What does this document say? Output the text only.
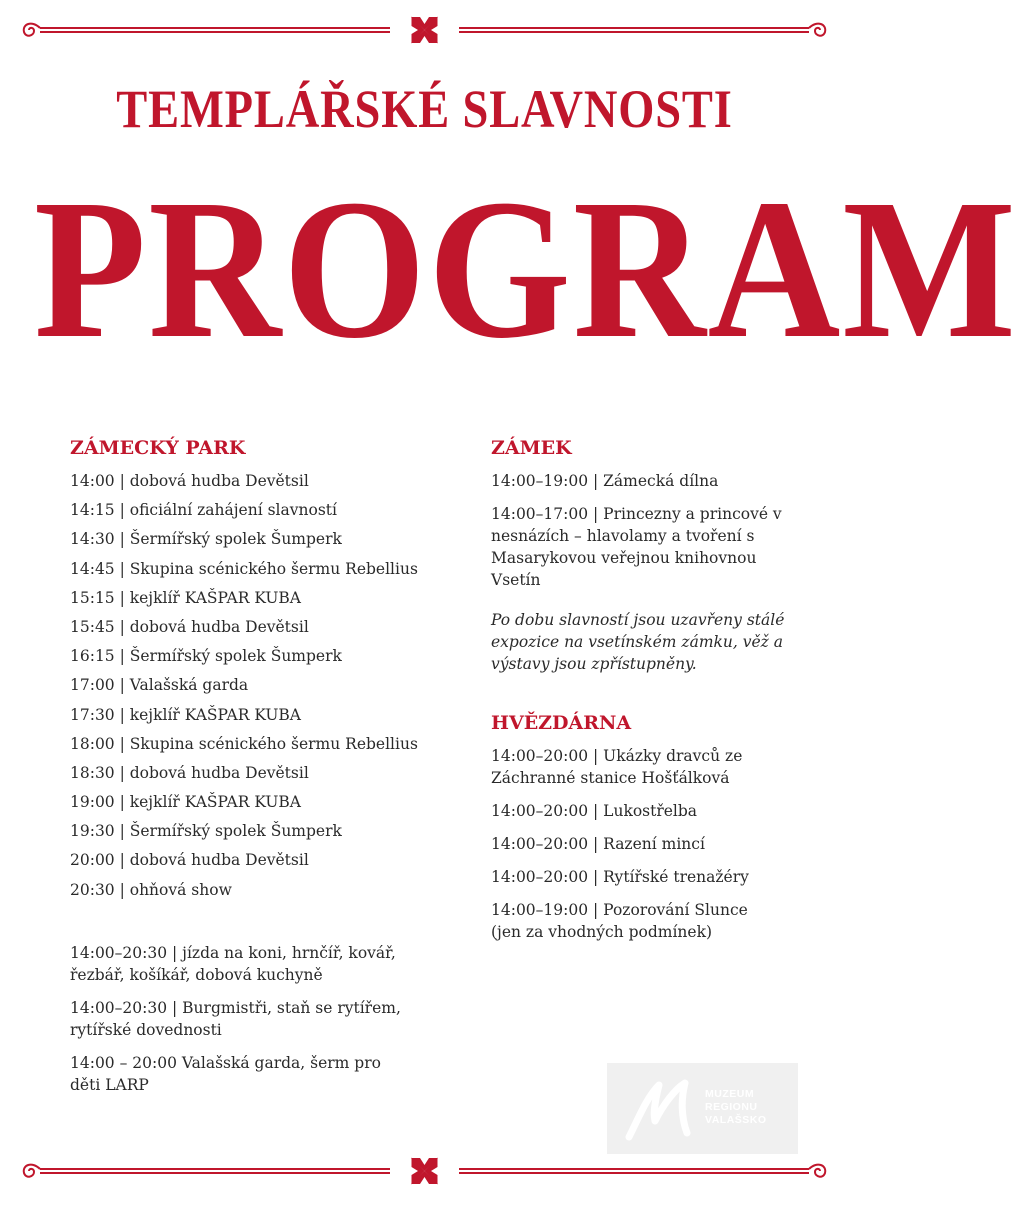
TEMPLÁŘSKÉ SLAVNOSTI
PROGRAM
ZÁMECKÝ PARK
14:00 | dobová hudba Devětsil
14:15 | oficiální zahájení slavností
14:30 | Šermířský spolek Šumperk
14:45 | Skupina scénického šermu Rebellius
15:15 | kejklíř KAŠPAR KUBA
15:45 | dobová hudba Devětsil
16:15 | Šermířský spolek Šumperk
17:00 | Valašská garda
17:30 | kejklíř KAŠPAR KUBA
18:00 | Skupina scénického šermu Rebellius
18:30 | dobová hudba Devětsil
19:00 | kejklíř KAŠPAR KUBA
19:30 | Šermířský spolek Šumperk
20:00 | dobová hudba Devětsil
20:30 | ohňová show
14:00–20:30 | jízda na koni, hrnčíř, kovář, řezbář, košíkář, dobová kuchyně
14:00–20:30 | Burgmistři, staň se rytířem, rytířské dovednosti
14:00 – 20:00 Valašská garda, šerm pro děti LARP
ZÁMEK
14:00–19:00 | Zámecká dílna
14:00–17:00 | Princezny a princové v nesnázích – hlavolamy a tvoření s Masarykovou veřejnou knihovnou Vsetín
Po dobu slavností jsou uzavřeny stálé expozice na vsetínském zámku, věž a výstavy jsou zpřístupněny.
HVĚZDÁRNA
14:00–20:00 | Ukázky dravců ze Záchranné stanice Hošťálková
14:00–20:00 | Lukostřelba
14:00–20:00 | Razení mincí
14:00–20:00 | Rytířské trenažéry
14:00–19:00 | Pozorování Slunce (jen za vhodných podmínek)
MUZEUM
REGIONU
VALAŠSKO
